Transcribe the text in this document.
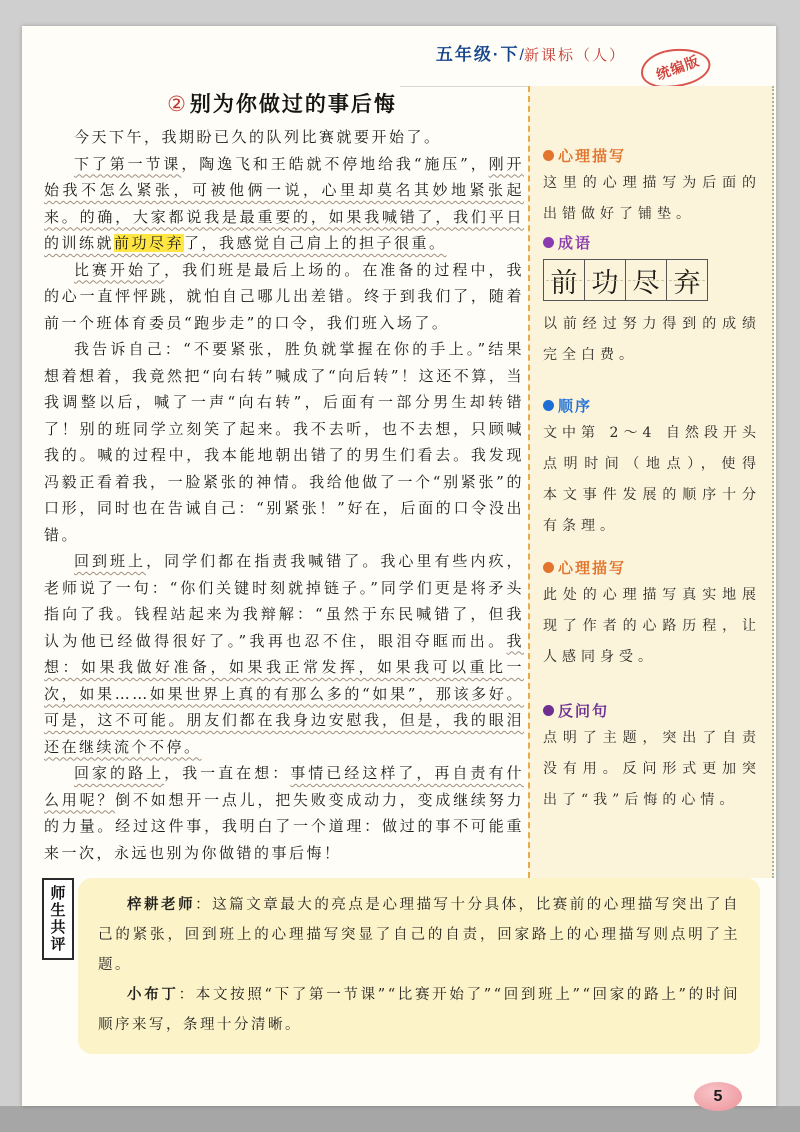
五年级·下/新课标（人） 统编版
②别为你做过的事后悔

今天下午，我期盼已久的队列比赛就要开始了。

下了第一节课，陶逸飞和王皓就不停地给我“施压”，刚开始我不怎么紧张，可被他俩一说，心里却莫名其妙地紧张起来。的确，大家都说我是最重要的，如果我喊错了，我们平日的训练就前功尽弃了，我感觉自己肩上的担子很重。

比赛开始了，我们班是最后上场的。在准备的过程中，我的心一直怦怦跳，就怕自己哪儿出差错。终于到我们了，随着前一个班体育委员“跑步走”的口令，我们班入场了。

我告诉自己：“不要紧张，胜负就掌握在你的手上。”结果想着想着，我竟然把“向右转”喊成了“向后转”！这还不算，当我调整以后，喊了一声“向右转”，后面有一部分男生却转错了！别的班同学立刻笑了起来。我不去听，也不去想，只顾喊我的。喊的过程中，我本能地朝出错了的男生们看去。我发现冯毅正看着我，一脸紧张的神情。我给他做了一个“别紧张”的口形，同时也在告诫自己：“别紧张！”好在，后面的口令没出错。

回到班上，同学们都在指责我喊错了。我心里有些内疚，老师说了一句：“你们关键时刻就掉链子。”同学们更是将矛头指向了我。钱程站起来为我辩解：“虽然于东民喊错了，但我认为他已经做得很好了。”我再也忍不住，眼泪夺眶而出。我想：如果我做好准备，如果我正常发挥，如果我可以重比一次，如果……如果世界上真的有那么多的“如果”，那该多好。可是，这不可能。朋友们都在我身边安慰我，但是，我的眼泪还在继续流个不停。

回家的路上，我一直在想：事情已经这样了，再自责有什么用呢？倒不如想开一点儿，把失败变成动力，变成继续努力的力量。经过这件事，我明白了一个道理：做过的事不可能重来一次，永远也别为你做错的事后悔！

心理描写
这里的心理描写为后面的出错做好了铺垫。
成语
前 功 尽 弃
以前经过努力得到的成绩完全白费。
顺序
文中第 2～4 自然段开头点明时间（地点），使得本文事件发展的顺序十分有条理。
心理描写
此处的心理描写真实地展现了作者的心路历程，让人感同身受。
反问句
点明了主题，突出了自责没有用。反问形式更加突出了“我”后悔的心情。
师
生
共
评

梓耕老师：这篇文章最大的亮点是心理描写十分具体，比赛前的心理描写突出了自己的紧张，回到班上的心理描写突显了自己的自责，回家路上的心理描写则点明了主题。

小布丁：本文按照“下了第一节课”“比赛开始了”“回到班上”“回家的路上”的时间顺序来写，条理十分清晰。

5
